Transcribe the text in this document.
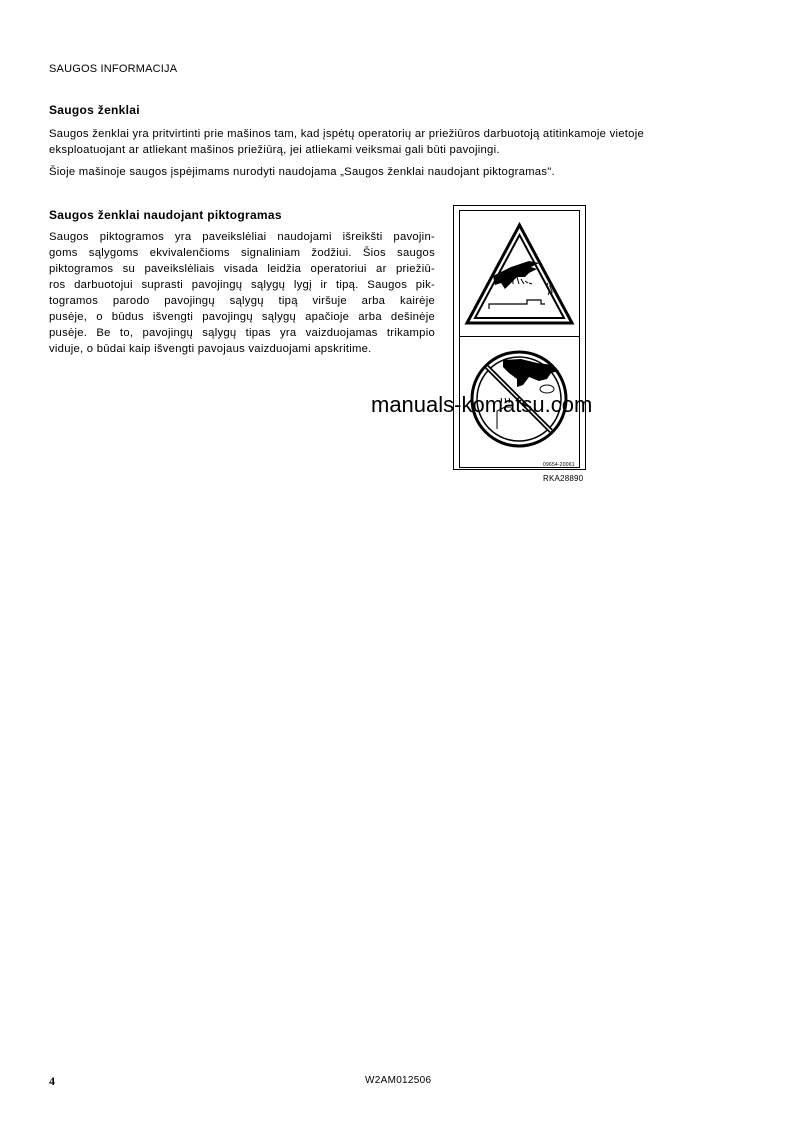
SAUGOS INFORMACIJA
Saugos ženklai
Saugos ženklai yra pritvirtinti prie mašinos tam, kad įspėtų operatorių ar priežiūros darbuotoją atitinkamoje vietoje
eksploatuojant ar atliekant mašinos priežiūrą, jei atliekami veiksmai gali būti pavojingi.
Šioje mašinoje saugos įspėjimams nurodyti naudojama „Saugos ženklai naudojant piktogramas".
Saugos ženklai naudojant piktogramas
Saugos piktogramos yra paveikslėliai naudojami išreikšti pavojin-
goms sąlygoms ekvivalenčioms signaliniam žodžiui. Šios saugos
piktogramos su paveikslėliais visada leidžia operatoriui ar priežiū-
ros darbuotojui suprasti pavojingų sąlygų lygį ir tipą. Saugos pik-
togramos parodo pavojingų sąlygų tipą viršuje arba kairėje
pusėje, o būdus išvengti pavojingų sąlygų apačioje arba dešinėje
pusėje. Be to, pavojingų sąlygų tipas yra vaizduojamas trikampio
viduje, o būdai kaip išvengti pavojaus vaizduojami apskritime.
09654-20061
RKA28890
manuals-komatsu.com
4	W2AM012506
